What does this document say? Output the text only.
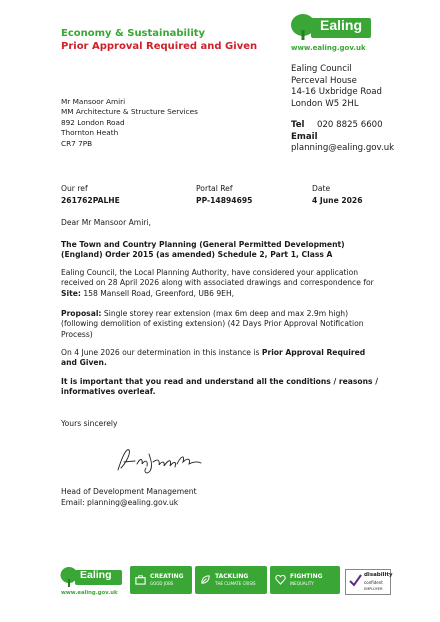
Economy & Sustainability
Prior Approval Required and Given
Ealing
www.ealing.gov.uk
Ealing Council
Perceval House
14-16 Uxbridge Road
London W5 2HL
Tel 020 8825 6600
Email
planning@ealing.gov.uk
Mr Mansoor Amiri
MM Architecture & Structure Services
892 London Road
Thornton Heath
CR7 7PB
Our ref
261762PALHE
Portal Ref
PP-14894695
Date
4 June 2026
Dear Mr Mansoor Amiri,
The Town and Country Planning (General Permitted Development) (England) Order 2015 (as amended) Schedule 2, Part 1, Class A
Ealing Council, the Local Planning Authority, have considered your application received on 28 April 2026 along with associated drawings and correspondence for
Site: 158 Mansell Road, Greenford, UB6 9EH,
Proposal: Single storey rear extension (max 6m deep and max 2.9m high) (following demolition of existing extension) (42 Days Prior Approval Notification Process)
On 4 June 2026 our determination in this instance is Prior Approval Required and Given.
It is important that you read and understand all the conditions / reasons / informatives overleaf.
Yours sincerely
Head of Development Management
Email: planning@ealing.gov.uk
Ealing
www.ealing.gov.uk
CREATING
GOOD JOBS
TACKLING
THE CLIMATE CRISIS
FIGHTING
INEQUALITY
disability
confident
EMPLOYER
